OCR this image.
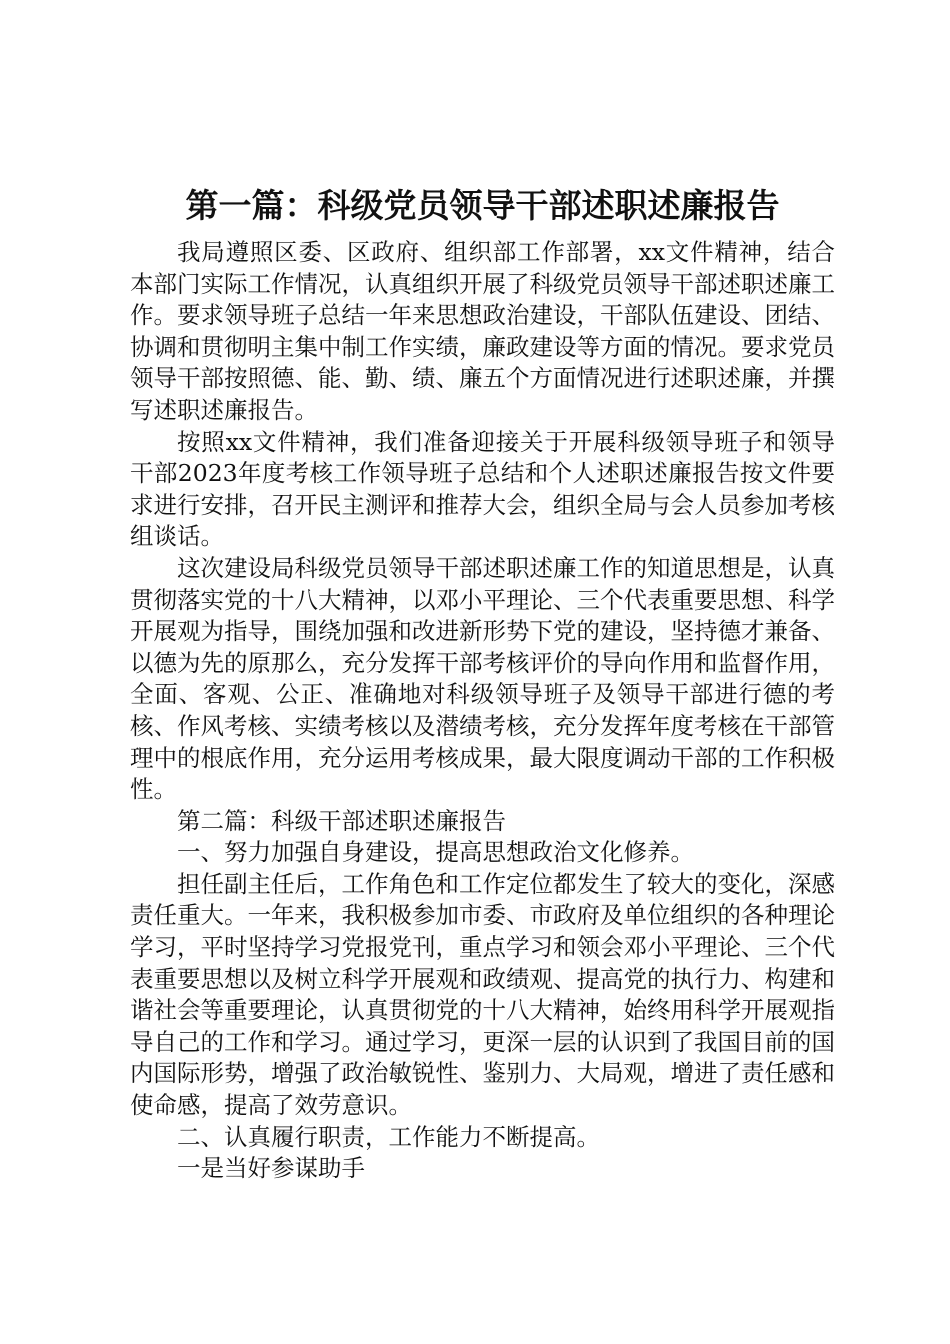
第一篇：科级党员领导干部述职述廉报告

我局遵照区委、区政府、组织部工作部署，xx文件精神，结合本部门实际工作情况，认真组织开展了科级党员领导干部述职述廉工作。要求领导班子总结一年来思想政治建设，干部队伍建设、团结、协调和贯彻明主集中制工作实绩，廉政建设等方面的情况。要求党员领导干部按照德、能、勤、绩、廉五个方面情况进行述职述廉，并撰写述职述廉报告。

按照xx文件精神，我们准备迎接关于开展科级领导班子和领导干部2023年度考核工作领导班子总结和个人述职述廉报告按文件要求进行安排，召开民主测评和推荐大会，组织全局与会人员参加考核组谈话。

这次建设局科级党员领导干部述职述廉工作的知道思想是，认真贯彻落实党的十八大精神，以邓小平理论、三个代表重要思想、科学开展观为指导，围绕加强和改进新形势下党的建设，坚持德才兼备、以德为先的原那么，充分发挥干部考核评价的导向作用和监督作用，全面、客观、公正、准确地对科级领导班子及领导干部进行德的考核、作风考核、实绩考核以及潜绩考核，充分发挥年度考核在干部管理中的根底作用，充分运用考核成果，最大限度调动干部的工作积极性。

第二篇：科级干部述职述廉报告

一、努力加强自身建设，提高思想政治文化修养。

担任副主任后，工作角色和工作定位都发生了较大的变化，深感责任重大。一年来，我积极参加市委、市政府及单位组织的各种理论学习，平时坚持学习党报党刊，重点学习和领会邓小平理论、三个代表重要思想以及树立科学开展观和政绩观、提高党的执行力、构建和谐社会等重要理论，认真贯彻党的十八大精神，始终用科学开展观指导自己的工作和学习。通过学习，更深一层的认识到了我国目前的国内国际形势，增强了政治敏锐性、鉴别力、大局观，增进了责任感和使命感，提高了效劳意识。

二、认真履行职责，工作能力不断提高。

一是当好参谋助手
